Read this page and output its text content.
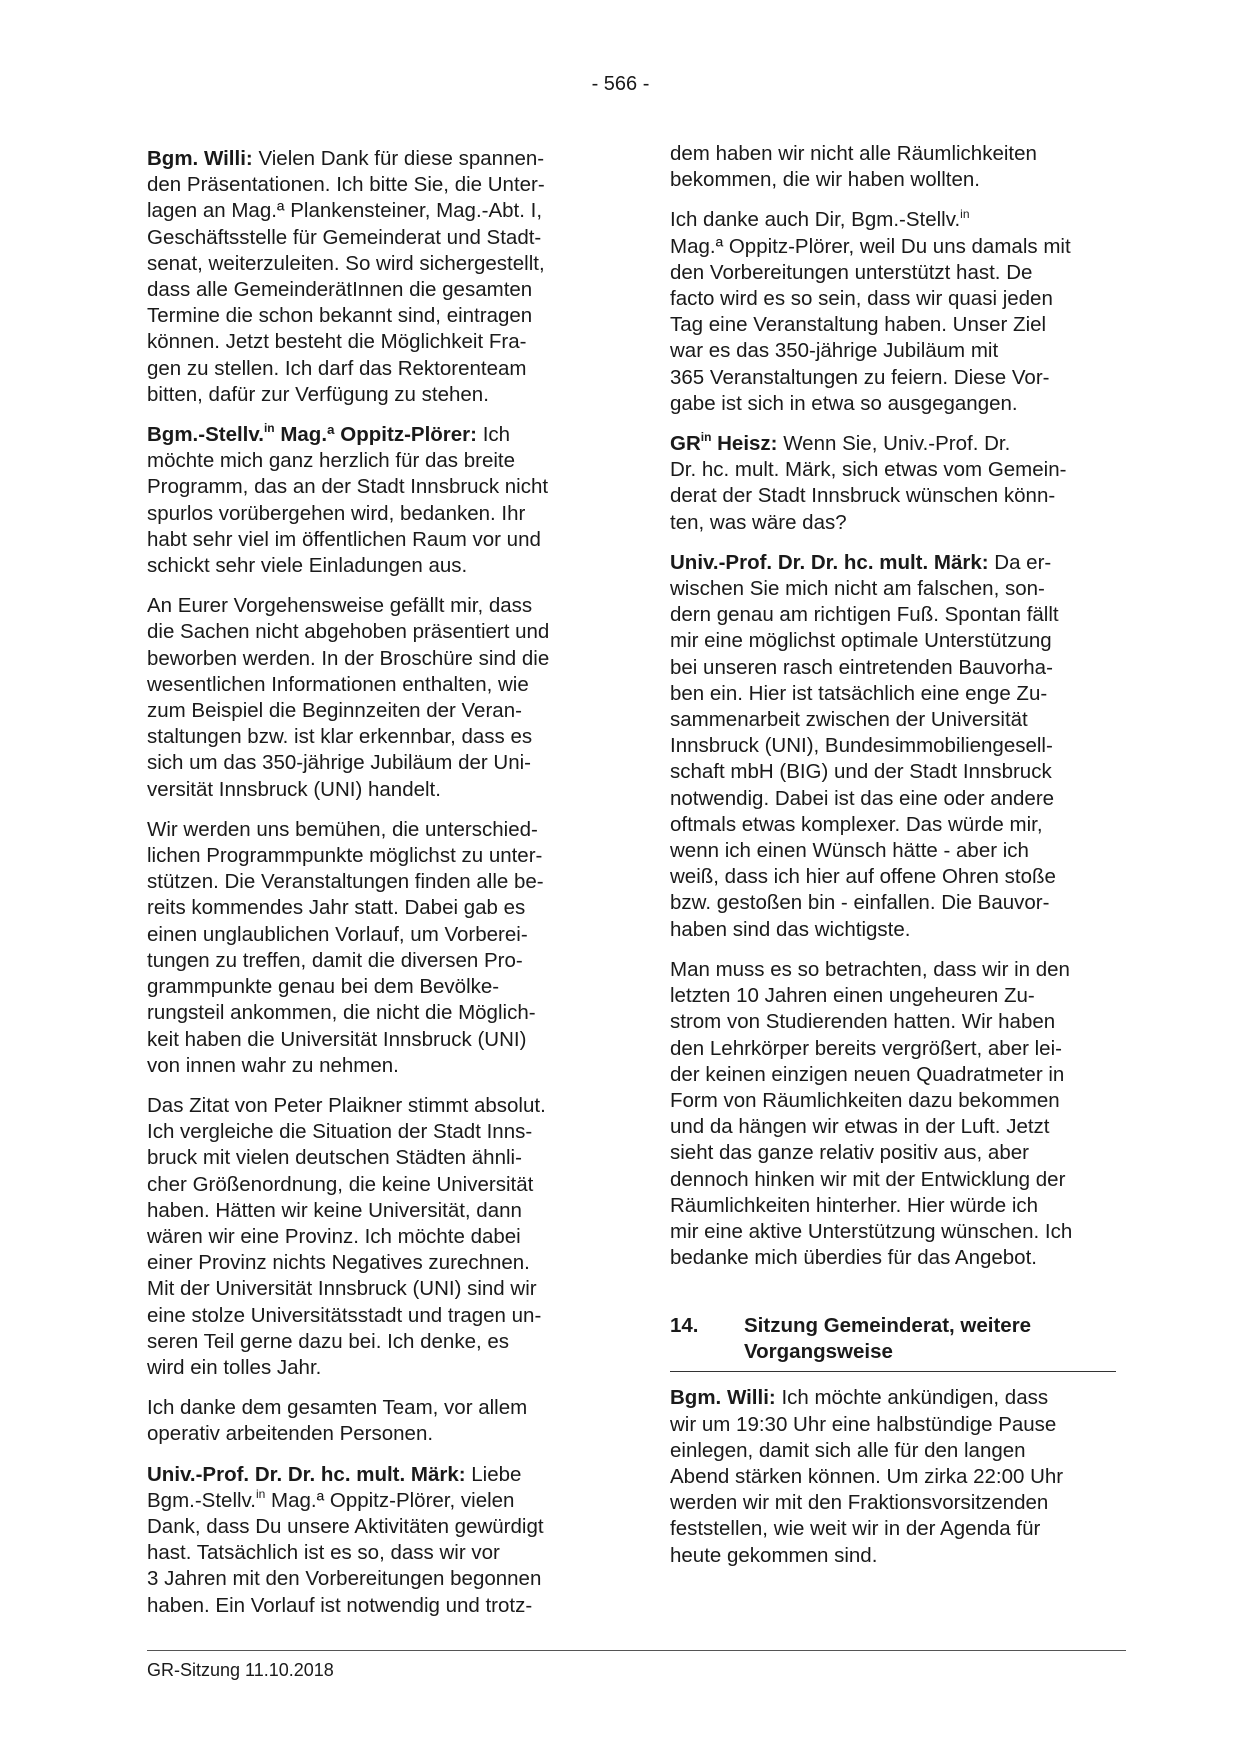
- 566 -

Bgm. Willi: Vielen Dank für diese spannen-
den Präsentationen. Ich bitte Sie, die Unter-
lagen an Mag.ª Plankensteiner, Mag.-Abt. I,
Geschäftsstelle für Gemeinderat und Stadt-
senat, weiterzuleiten. So wird sichergestellt,
dass alle GemeinderätInnen die gesamten
Termine die schon bekannt sind, eintragen
können. Jetzt besteht die Möglichkeit Fra-
gen zu stellen. Ich darf das Rektorenteam
bitten, dafür zur Verfügung zu stehen.

Bgm.-Stellv.$^{in}$ Mag.ª Oppitz-Plörer: Ich
möchte mich ganz herzlich für das breite
Programm, das an der Stadt Innsbruck nicht
spurlos vorübergehen wird, bedanken. Ihr
habt sehr viel im öffentlichen Raum vor und
schickt sehr viele Einladungen aus.

An Eurer Vorgehensweise gefällt mir, dass
die Sachen nicht abgehoben präsentiert und
beworben werden. In der Broschüre sind die
wesentlichen Informationen enthalten, wie
zum Beispiel die Beginnzeiten der Veran-
staltungen bzw. ist klar erkennbar, dass es
sich um das 350-jährige Jubiläum der Uni-
versität Innsbruck (UNI) handelt.

Wir werden uns bemühen, die unterschied-
lichen Programmpunkte möglichst zu unter-
stützen. Die Veranstaltungen finden alle be-
reits kommendes Jahr statt. Dabei gab es
einen unglaublichen Vorlauf, um Vorberei-
tungen zu treffen, damit die diversen Pro-
grammpunkte genau bei dem Bevölke-
rungsteil ankommen, die nicht die Möglich-
keit haben die Universität Innsbruck (UNI)
von innen wahr zu nehmen.

Das Zitat von Peter Plaikner stimmt absolut.
Ich vergleiche die Situation der Stadt Inns-
bruck mit vielen deutschen Städten ähnli-
cher Größenordnung, die keine Universität
haben. Hätten wir keine Universität, dann
wären wir eine Provinz. Ich möchte dabei
einer Provinz nichts Negatives zurechnen.
Mit der Universität Innsbruck (UNI) sind wir
eine stolze Universitätsstadt und tragen un-
seren Teil gerne dazu bei. Ich denke, es
wird ein tolles Jahr.

Ich danke dem gesamten Team, vor allem
operativ arbeitenden Personen.

Univ.-Prof. Dr. Dr. hc. mult. Märk: Liebe
Bgm.-Stellv.$^{in}$ Mag.ª Oppitz-Plörer, vielen
Dank, dass Du unsere Aktivitäten gewürdigt
hast. Tatsächlich ist es so, dass wir vor
3 Jahren mit den Vorbereitungen begonnen
haben. Ein Vorlauf ist notwendig und trotz-

dem haben wir nicht alle Räumlichkeiten
bekommen, die wir haben wollten.

Ich danke auch Dir, Bgm.-Stellv.$^{in}$
Mag.ª Oppitz-Plörer, weil Du uns damals mit
den Vorbereitungen unterstützt hast. De
facto wird es so sein, dass wir quasi jeden
Tag eine Veranstaltung haben. Unser Ziel
war es das 350-jährige Jubiläum mit
365 Veranstaltungen zu feiern. Diese Vor-
gabe ist sich in etwa so ausgegangen.

$GR^{in}$ Heisz: Wenn Sie, Univ.-Prof. Dr.
Dr. hc. mult. Märk, sich etwas vom Gemein-
derat der Stadt Innsbruck wünschen könn-
ten, was wäre das?

Univ.-Prof. Dr. Dr. hc. mult. Märk: Da er-
wischen Sie mich nicht am falschen, son-
dern genau am richtigen Fuß. Spontan fällt
mir eine möglichst optimale Unterstützung
bei unseren rasch eintretenden Bauvorha-
ben ein. Hier ist tatsächlich eine enge Zu-
sammenarbeit zwischen der Universität
Innsbruck (UNI), Bundesimmobiliengesell-
schaft mbH (BIG) und der Stadt Innsbruck
notwendig. Dabei ist das eine oder andere
oftmals etwas komplexer. Das würde mir,
wenn ich einen Wünsch hätte - aber ich
weiß, dass ich hier auf offene Ohren stoße
bzw. gestoßen bin - einfallen. Die Bauvor-
haben sind das wichtigste.

Man muss es so betrachten, dass wir in den
letzten 10 Jahren einen ungeheuren Zu-
strom von Studierenden hatten. Wir haben
den Lehrkörper bereits vergrößert, aber lei-
der keinen einzigen neuen Quadratmeter in
Form von Räumlichkeiten dazu bekommen
und da hängen wir etwas in der Luft. Jetzt
sieht das ganze relativ positiv aus, aber
dennoch hinken wir mit der Entwicklung der
Räumlichkeiten hinterher. Hier würde ich
mir eine aktive Unterstützung wünschen. Ich
bedanke mich überdies für das Angebot.

14.	Sitzung Gemeinderat, weitere
Vorgangsweise

Bgm. Willi: Ich möchte ankündigen, dass
wir um 19:30 Uhr eine halbstündige Pause
einlegen, damit sich alle für den langen
Abend stärken können. Um zirka 22:00 Uhr
werden wir mit den Fraktionsvorsitzenden
feststellen, wie weit wir in der Agenda für
heute gekommen sind.

GR-Sitzung 11.10.2018
